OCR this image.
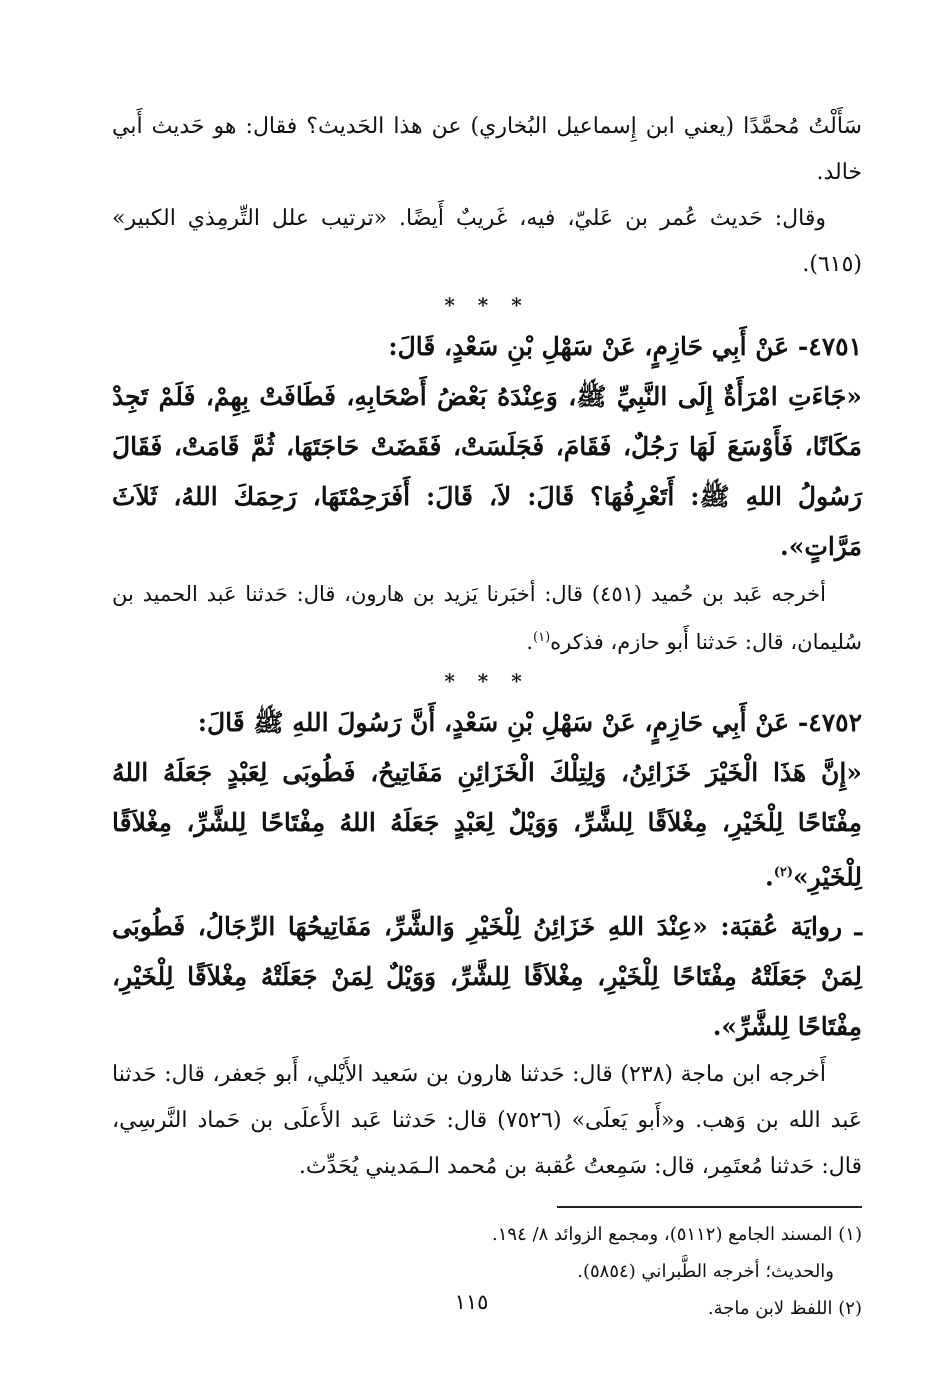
سَأَلْتُ مُحمَّدًا (يعني ابن إِسماعيل البُخاري) عن هذا الحَديث؟ فقال: هو حَديث أَبي خالد.

وقال: حَديث عُمر بن عَليّ، فيه، غَريبٌ أَيضًا. «ترتيب علل التِّرمِذي الكبير» (٦١٥).

* * *

٤٧٥١- عَنْ أَبِي حَازِمٍ، عَنْ سَهْلِ بْنِ سَعْدٍ، قَالَ:

«جَاءَتِ امْرَأَةٌ إِلَى النَّبِيِّ ﷺ، وَعِنْدَهُ بَعْضُ أَصْحَابِهِ، فَطَافَتْ بِهِمْ، فَلَمْ تَجِدْ مَكَانًا، فَأَوْسَعَ لَهَا رَجُلٌ، فَقَامَ، فَجَلَسَتْ، فَقَضَتْ حَاجَتَهَا، ثُمَّ قَامَتْ، فَقَالَ رَسُولُ اللهِ ﷺ: أَتَعْرِفُهَا؟ قَالَ: لاَ، قَالَ: أَفَرَحِمْتَهَا، رَحِمَكَ اللهُ، ثَلاَثَ مَرَّاتٍ».

أخرجه عَبد بن حُميد (٤٥١) قال: أخبَرنا يَزيد بن هارون، قال: حَدثنا عَبد الحميد بن سُليمان، قال: حَدثنا أَبو حازم، فذكره$^{(١)}$.

* * *

٤٧٥٢- عَنْ أَبِي حَازِمٍ، عَنْ سَهْلِ بْنِ سَعْدٍ، أَنَّ رَسُولَ اللهِ ﷺ قَالَ:

«إِنَّ هَذَا الْخَيْرَ خَزَائِنُ، وَلِتِلْكَ الْخَزَائِنِ مَفَاتِيحُ، فَطُوبَى لِعَبْدٍ جَعَلَهُ اللهُ مِفْتَاحًا لِلْخَيْرِ، مِغْلاَقًا لِلشَّرِّ، وَوَيْلٌ لِعَبْدٍ جَعَلَهُ اللهُ مِفْتَاحًا لِلشَّرِّ، مِغْلاَقًا لِلْخَيْرِ»$^{(٢)}$.

ـ روايَة عُقبَة: «عِنْدَ اللهِ خَزَائِنُ لِلْخَيْرِ وَالشَّرِّ، مَفَاتِيحُهَا الرِّجَالُ، فَطُوبَى لِمَنْ جَعَلَتْهُ مِفْتَاحًا لِلْخَيْرِ، مِغْلاَقًا لِلشَّرِّ، وَوَيْلٌ لِمَنْ جَعَلَتْهُ مِغْلاَقًا لِلْخَيْرِ، مِفْتَاحًا لِلشَّرِّ».

أَخرجه ابن ماجة (٢٣٨) قال: حَدثنا هارون بن سَعيد الأَيْلي، أَبو جَعفر، قال: حَدثنا عَبد الله بن وَهب. و«أَبو يَعلَى» (٧٥٢٦) قال: حَدثنا عَبد الأَعلَى بن حَماد النَّرسِي، قال: حَدثنا مُعتَمِر، قال: سَمِعتُ عُقبة بن مُحمد الـمَديني يُحَدِّث.

(١) المسند الجامع (٥١١٢)، ومجمع الزوائد ٨/ ١٩٤.

والحديث؛ أخرجه الطَّبراني (٥٨٥٤).

(٢) اللفظ لابن ماجة.

١١٥
